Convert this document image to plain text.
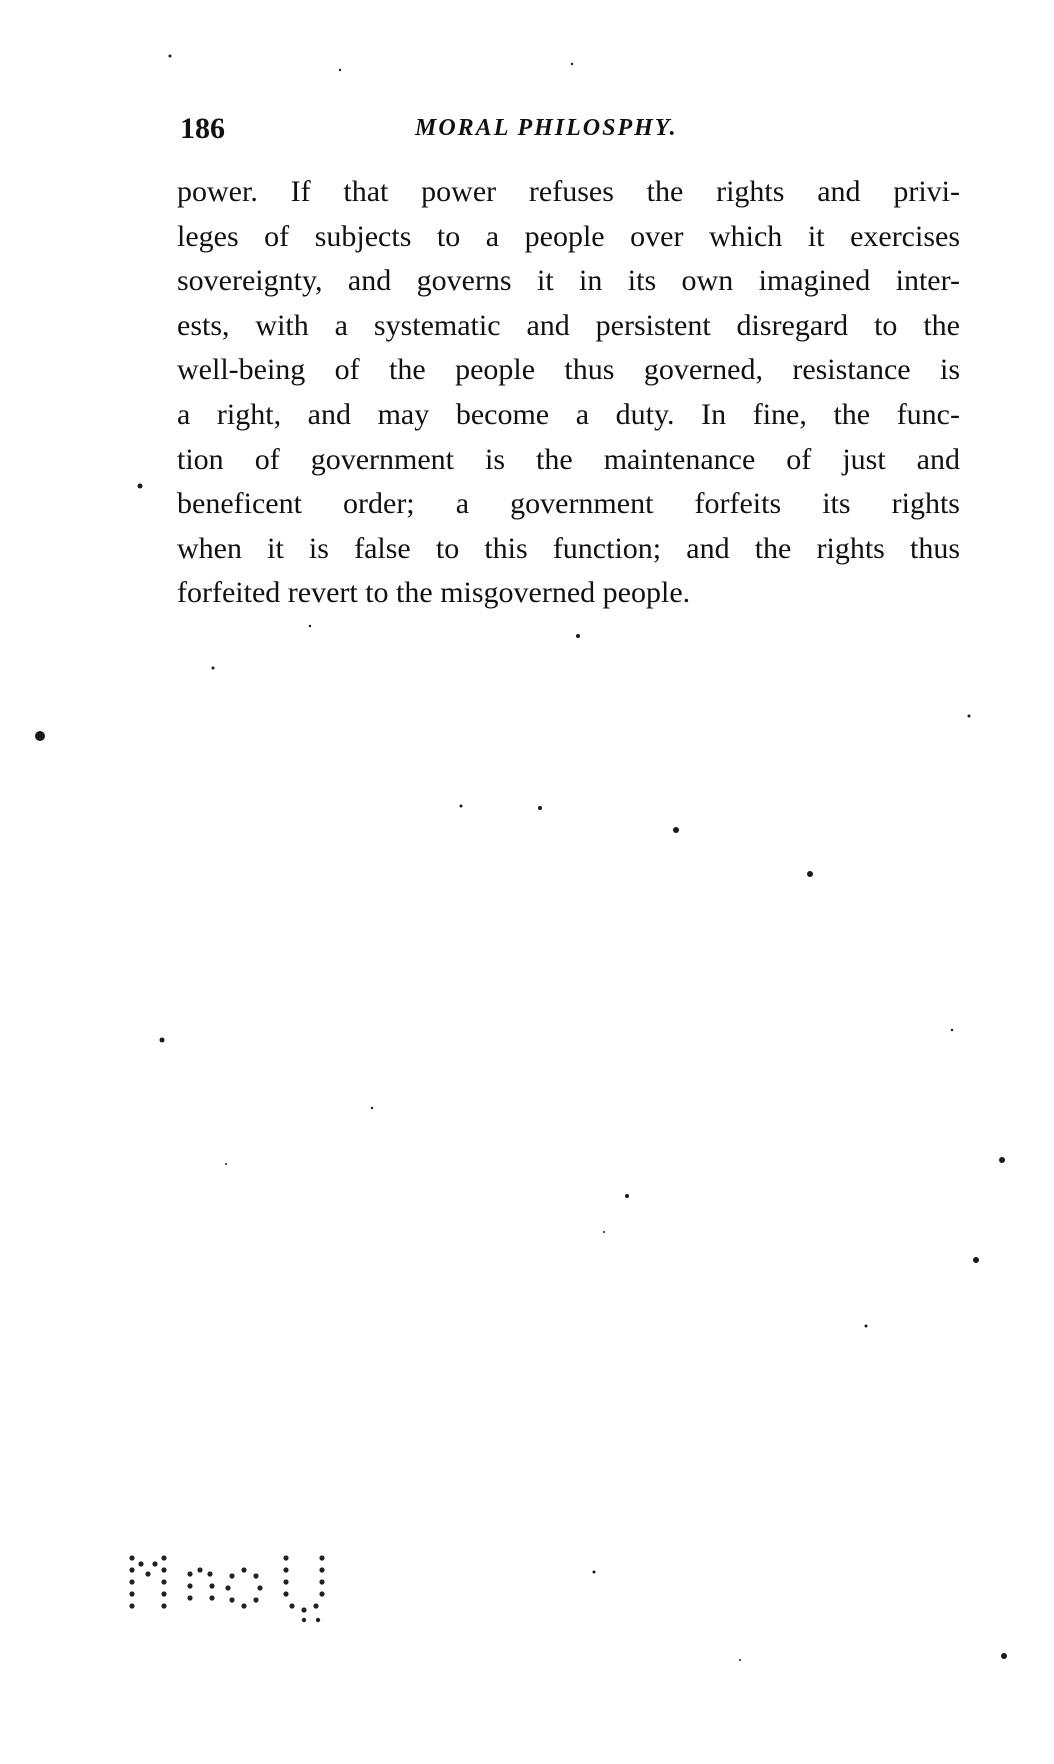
186	MORAL PHILOSPHY.
power. If that power refuses the rights and privi-
leges of subjects to a people over which it exercises
sovereignty, and governs it in its own imagined inter-
ests, with a systematic and persistent disregard to the
well-being of the people thus governed, resistance is
a right, and may become a duty. In fine, the func-
tion of government is the maintenance of just and
beneficent order; a government forfeits its rights
when it is false to this function; and the rights thus
forfeited revert to the misgoverned people.
